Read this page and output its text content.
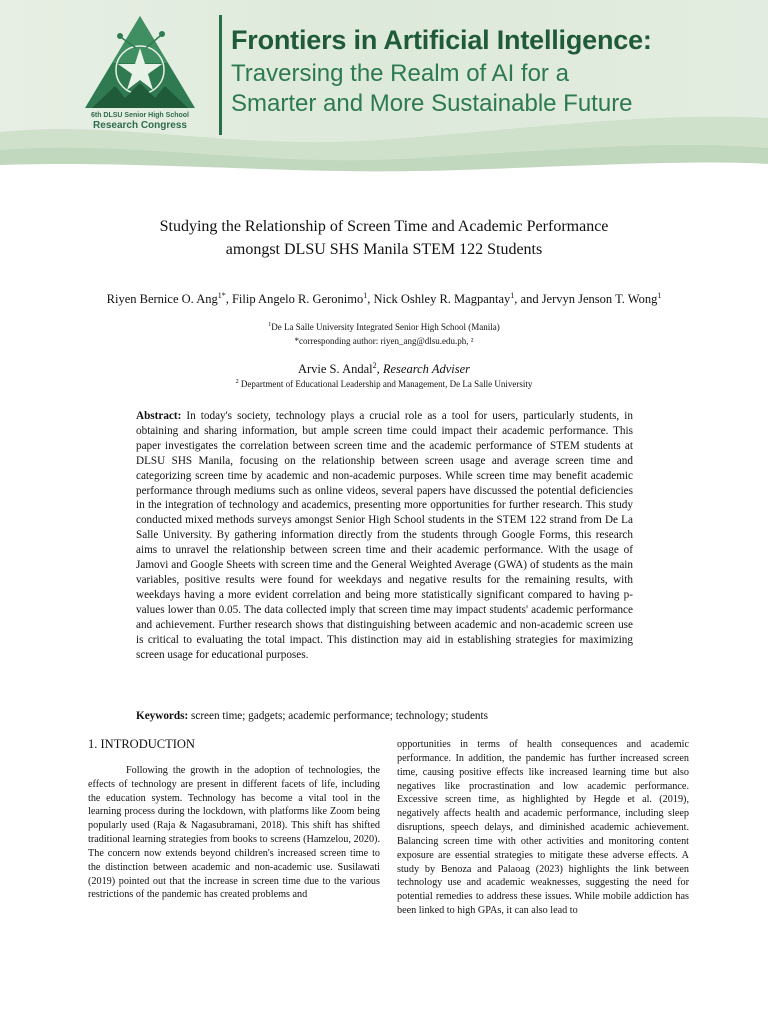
6th DLSU Senior High School
Research Congress
Frontiers in Artificial Intelligence:
Traversing the Realm of AI for a
Smarter and More Sustainable Future
Studying the Relationship of Screen Time and Academic Performance
amongst DLSU SHS Manila STEM 122 Students
Riyen Bernice O. Ang$^{1*}$, Filip Angelo R. Geronimo$^1$, Nick Oshley R. Magpantay$^1$, and Jervyn Jenson T. Wong$^1$
$^1$De La Salle University Integrated Senior High School (Manila)
*corresponding author: riyen_ang@dlsu.edu.ph, ²
Arvie S. Andal$^2$, Research Adviser
$^2$ Department of Educational Leadership and Management, De La Salle University
Abstract: In today's society, technology plays a crucial role as a tool for users, particularly students, in obtaining and sharing information, but ample screen time could impact their academic performance. This paper investigates the correlation between screen time and the academic performance of STEM students at DLSU SHS Manila, focusing on the relationship between screen usage and average screen time and categorizing screen time by academic and non-academic purposes. While screen time may benefit academic performance through mediums such as online videos, several papers have discussed the potential deficiencies in the integration of technology and academics, presenting more opportunities for further research. This study conducted mixed methods surveys amongst Senior High School students in the STEM 122 strand from De La Salle University. By gathering information directly from the students through Google Forms, this research aims to unravel the relationship between screen time and their academic performance. With the usage of Jamovi and Google Sheets with screen time and the General Weighted Average (GWA) of students as the main variables, positive results were found for weekdays and negative results for the remaining results, with weekdays having a more evident correlation and being more statistically significant compared to having p-values lower than 0.05. The data collected imply that screen time may impact students' academic performance and achievement. Further research shows that distinguishing between academic and non-academic screen use is critical to evaluating the total impact. This distinction may aid in establishing strategies for maximizing screen usage for educational purposes.
Keywords: screen time; gadgets; academic performance; technology; students
1. INTRODUCTION

Following the growth in the adoption of technologies, the effects of technology are present in different facets of life, including the education system. Technology has become a vital tool in the learning process during the lockdown, with platforms like Zoom being popularly used (Raja & Nagasubramani, 2018). This shift has shifted traditional learning strategies from books to screens (Hamzelou, 2020). The concern now extends beyond children's increased screen time to the distinction between academic and non-academic use. Susilawati (2019) pointed out that the increase in screen time due to the various restrictions of the pandemic has created problems and

opportunities in terms of health consequences and academic performance. In addition, the pandemic has further increased screen time, causing positive effects like increased learning time but also negatives like procrastination and low academic performance. Excessive screen time, as highlighted by Hegde et al. (2019), negatively affects health and academic performance, including sleep disruptions, speech delays, and diminished academic achievement. Balancing screen time with other activities and monitoring content exposure are essential strategies to mitigate these adverse effects. A study by Benoza and Palaoag (2023) highlights the link between technology use and academic weaknesses, suggesting the need for potential remedies to address these issues. While mobile addiction has been linked to high GPAs, it can also lead to
